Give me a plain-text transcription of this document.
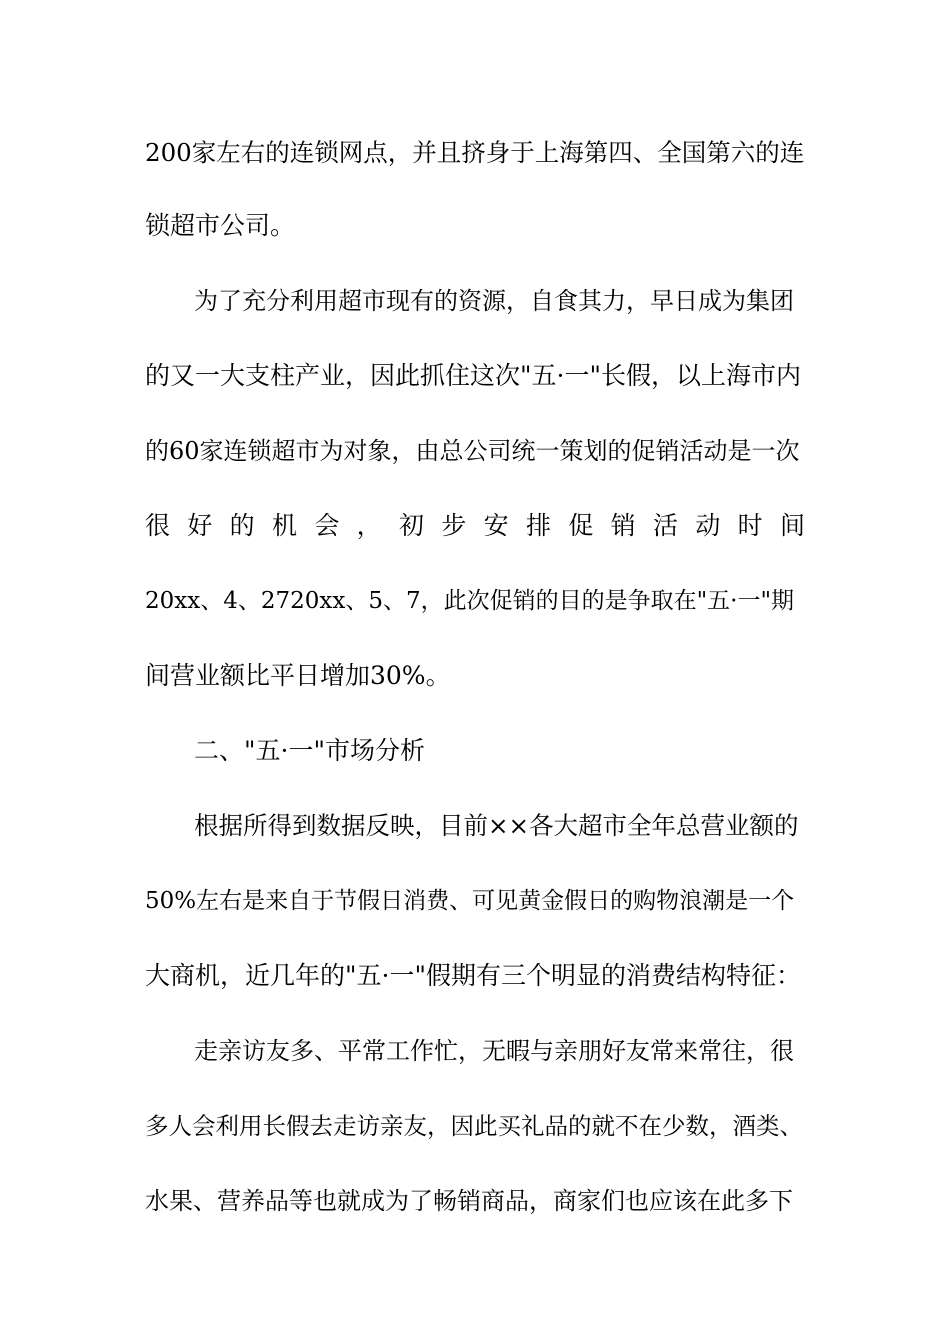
200家左右的连锁网点，并且挤身于上海第四、全国第六的连
锁超市公司。
为了充分利用超市现有的资源，自食其力，早日成为集团
的又一大支柱产业，因此抓住这次"五·一"长假，以上海市内
的60家连锁超市为对象，由总公司统一策划的促销活动是一次
很好的机会，初步安排促销活动时间
20xx、4、2720xx、5、7，此次促销的目的是争取在"五·一"期
间营业额比平日增加30%。
二、"五·一"市场分析
根据所得到数据反映，目前××各大超市全年总营业额的
50%左右是来自于节假日消费、可见黄金假日的购物浪潮是一个
大商机，近几年的"五·一"假期有三个明显的消费结构特征：
走亲访友多、平常工作忙，无暇与亲朋好友常来常往，很
多人会利用长假去走访亲友，因此买礼品的就不在少数，酒类、
水果、营养品等也就成为了畅销商品，商家们也应该在此多下
